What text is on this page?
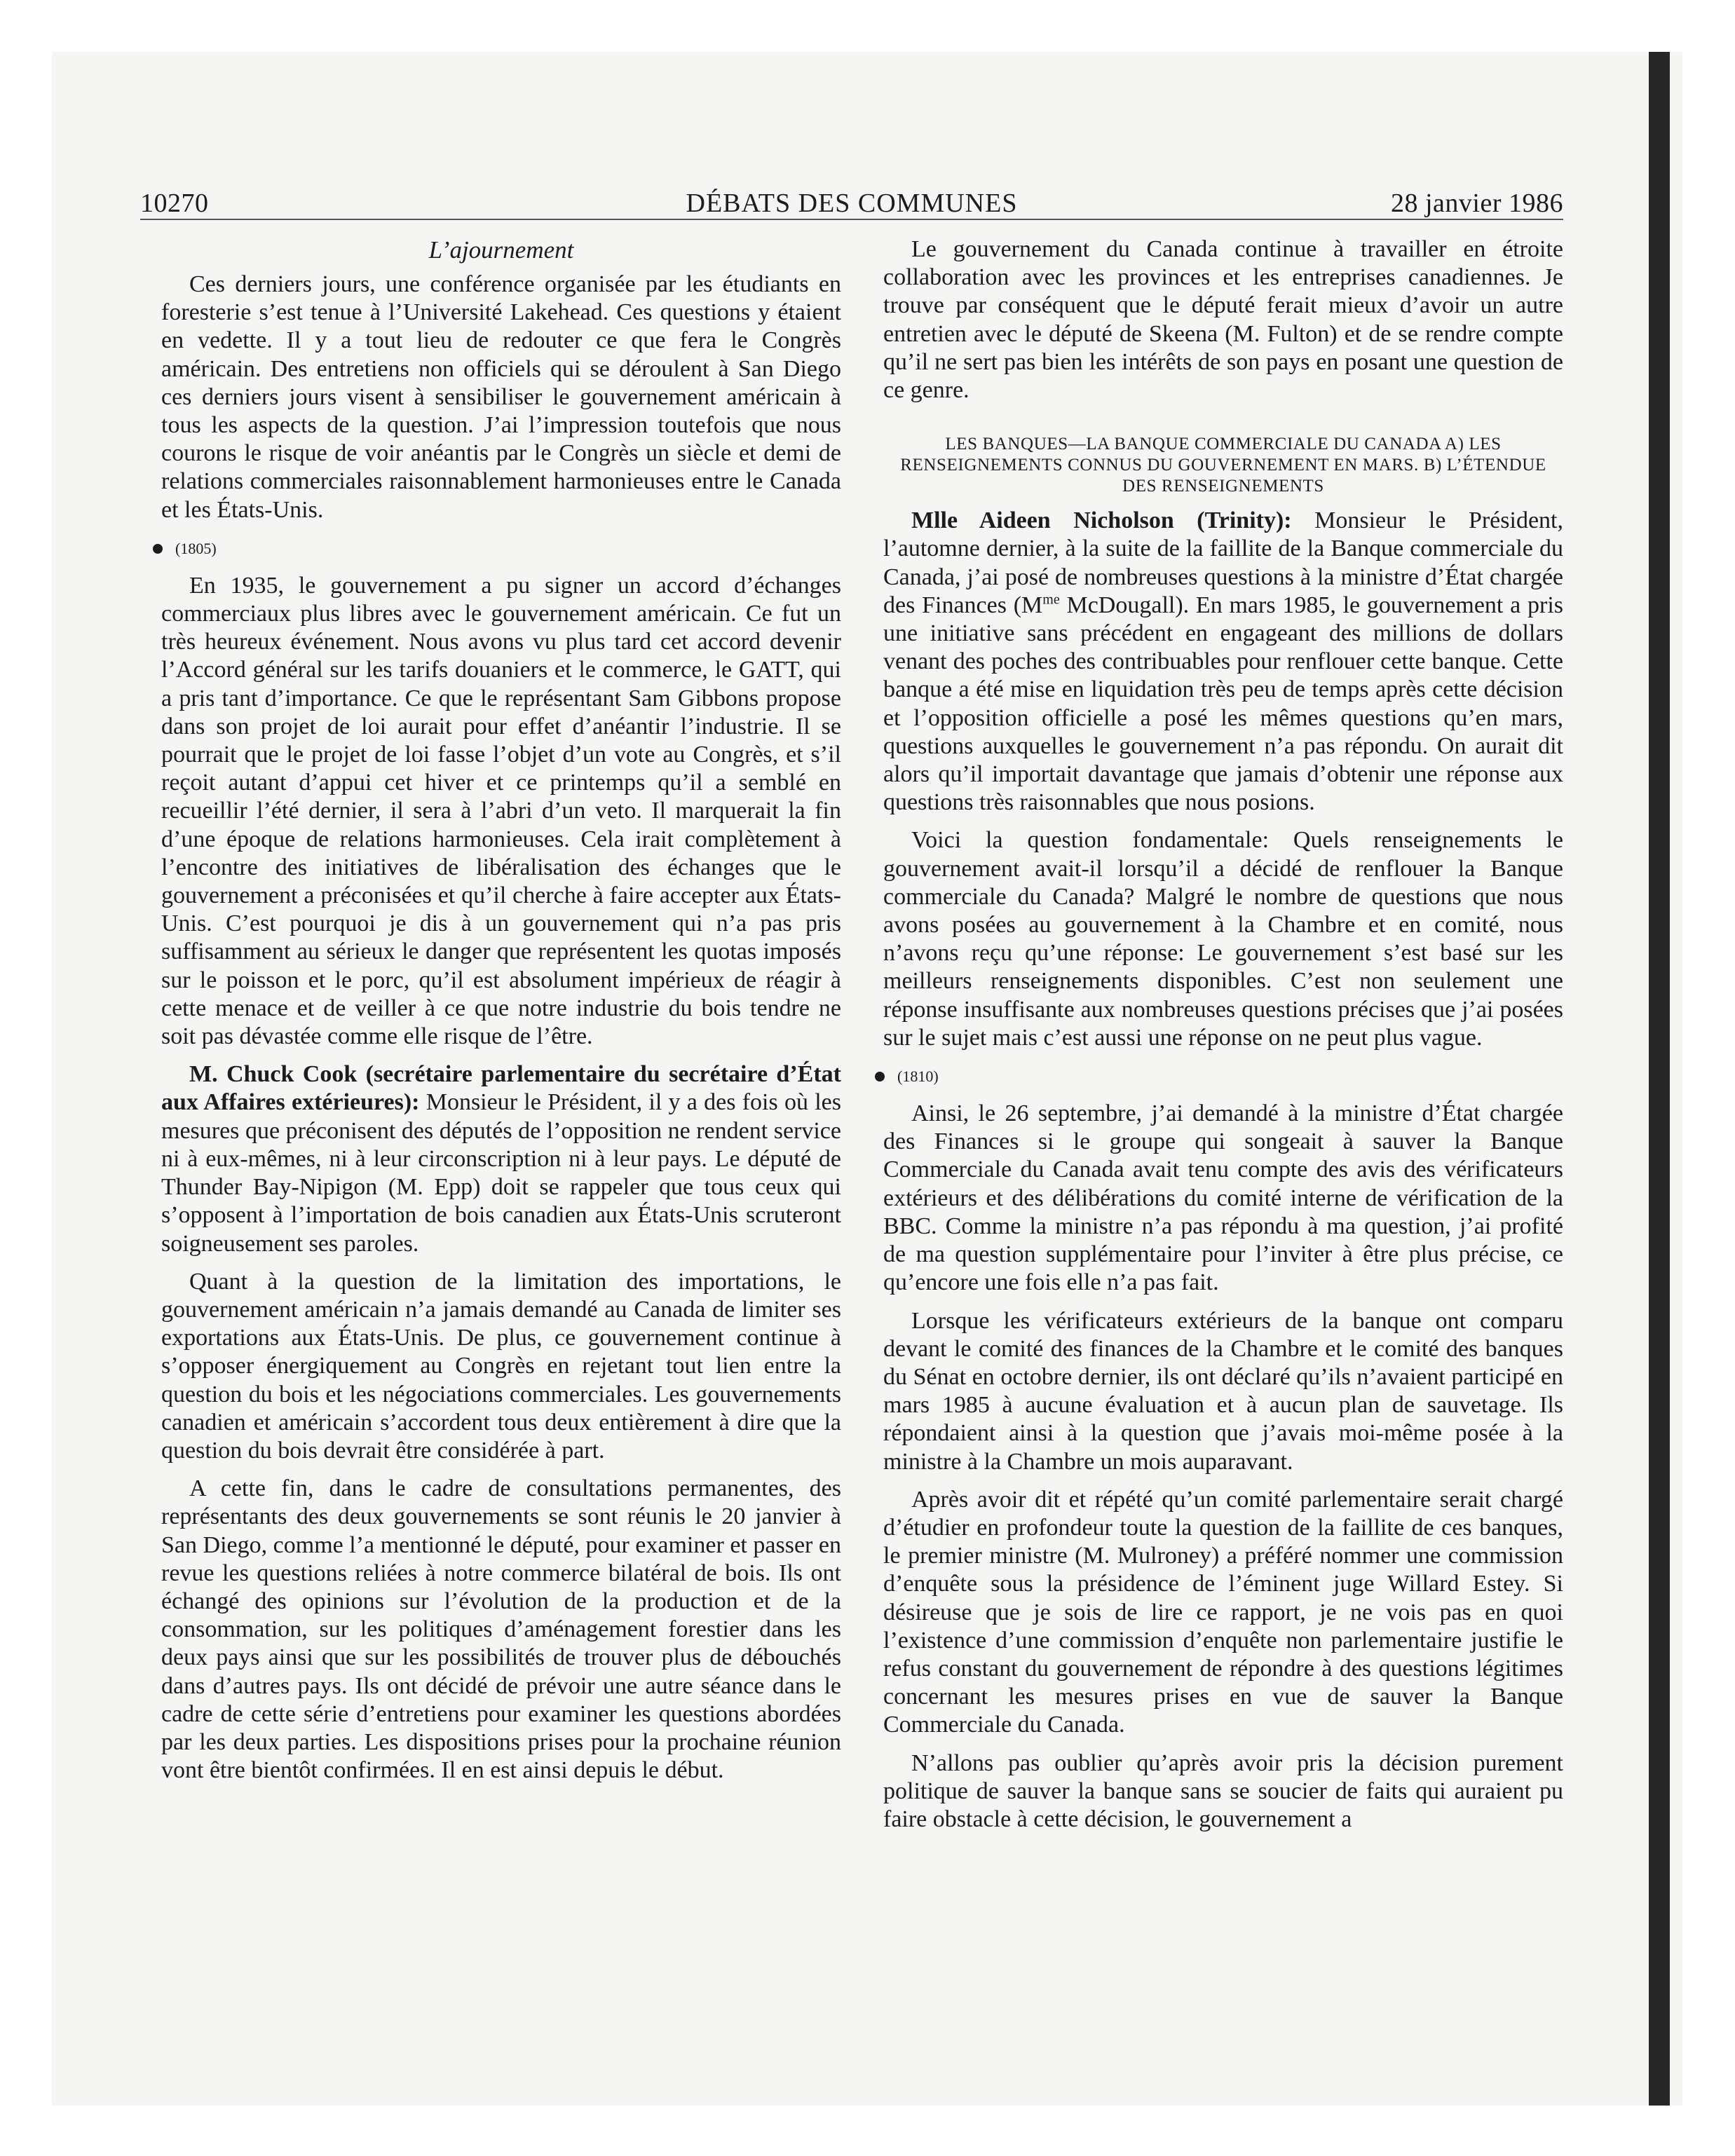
10270	DÉBATS DES COMMUNES	28 janvier 1986
L’ajournement

Ces derniers jours, une conférence organisée par les étudiants en foresterie s’est tenue à l’Université Lakehead. Ces questions y étaient en vedette. Il y a tout lieu de redouter ce que fera le Congrès américain. Des entretiens non officiels qui se déroulent à San Diego ces derniers jours visent à sensibiliser le gouvernement américain à tous les aspects de la question. J’ai l’impression toutefois que nous courons le risque de voir anéantis par le Congrès un siècle et demi de relations commerciales raisonnablement harmonieuses entre le Canada et les États-Unis.

(1805)

En 1935, le gouvernement a pu signer un accord d’échanges commerciaux plus libres avec le gouvernement américain. Ce fut un très heureux événement. Nous avons vu plus tard cet accord devenir l’Accord général sur les tarifs douaniers et le commerce, le GATT, qui a pris tant d’importance. Ce que le représentant Sam Gibbons propose dans son projet de loi aurait pour effet d’anéantir l’industrie. Il se pourrait que le projet de loi fasse l’objet d’un vote au Congrès, et s’il reçoit autant d’appui cet hiver et ce printemps qu’il a semblé en recueillir l’été dernier, il sera à l’abri d’un veto. Il marquerait la fin d’une époque de relations harmonieuses. Cela irait complètement à l’encontre des initiatives de libéralisation des échanges que le gouvernement a préconisées et qu’il cherche à faire accepter aux États-Unis. C’est pourquoi je dis à un gouvernement qui n’a pas pris suffisamment au sérieux le danger que représentent les quotas imposés sur le poisson et le porc, qu’il est absolument impérieux de réagir à cette menace et de veiller à ce que notre industrie du bois tendre ne soit pas dévastée comme elle risque de l’être.

M. Chuck Cook (secrétaire parlementaire du secrétaire d’État aux Affaires extérieures): Monsieur le Président, il y a des fois où les mesures que préconisent des députés de l’opposition ne rendent service ni à eux-mêmes, ni à leur circonscription ni à leur pays. Le député de Thunder Bay-Nipigon (M. Epp) doit se rappeler que tous ceux qui s’opposent à l’importation de bois canadien aux États-Unis scruteront soigneusement ses paroles.

Quant à la question de la limitation des importations, le gouvernement américain n’a jamais demandé au Canada de limiter ses exportations aux États-Unis. De plus, ce gouvernement continue à s’opposer énergiquement au Congrès en rejetant tout lien entre la question du bois et les négociations commerciales. Les gouvernements canadien et américain s’accordent tous deux entièrement à dire que la question du bois devrait être considérée à part.

A cette fin, dans le cadre de consultations permanentes, des représentants des deux gouvernements se sont réunis le 20 janvier à San Diego, comme l’a mentionné le député, pour examiner et passer en revue les questions reliées à notre commerce bilatéral de bois. Ils ont échangé des opinions sur l’évolution de la production et de la consommation, sur les politiques d’aménagement forestier dans les deux pays ainsi que sur les possibilités de trouver plus de débouchés dans d’autres pays. Ils ont décidé de prévoir une autre séance dans le cadre de cette série d’entretiens pour examiner les questions abordées par les deux parties. Les dispositions prises pour la prochaine réunion vont être bientôt confirmées. Il en est ainsi depuis le début.

Le gouvernement du Canada continue à travailler en étroite collaboration avec les provinces et les entreprises canadiennes. Je trouve par conséquent que le député ferait mieux d’avoir un autre entretien avec le député de Skeena (M. Fulton) et de se rendre compte qu’il ne sert pas bien les intérêts de son pays en posant une question de ce genre.

LES BANQUES—LA BANQUE COMMERCIALE DU CANADA A) LES RENSEIGNEMENTS CONNUS DU GOUVERNEMENT EN MARS. B) L’ÉTENDUE DES RENSEIGNEMENTS

Mlle Aideen Nicholson (Trinity): Monsieur le Président, l’automne dernier, à la suite de la faillite de la Banque commerciale du Canada, j’ai posé de nombreuses questions à la ministre d’État chargée des Finances ($M^{me}$ McDougall). En mars 1985, le gouvernement a pris une initiative sans précédent en engageant des millions de dollars venant des poches des contribuables pour renflouer cette banque. Cette banque a été mise en liquidation très peu de temps après cette décision et l’opposition officielle a posé les mêmes questions qu’en mars, questions auxquelles le gouvernement n’a pas répondu. On aurait dit alors qu’il importait davantage que jamais d’obtenir une réponse aux questions très raisonnables que nous posions.

Voici la question fondamentale: Quels renseignements le gouvernement avait-il lorsqu’il a décidé de renflouer la Banque commerciale du Canada? Malgré le nombre de questions que nous avons posées au gouvernement à la Chambre et en comité, nous n’avons reçu qu’une réponse: Le gouvernement s’est basé sur les meilleurs renseignements disponibles. C’est non seulement une réponse insuffisante aux nombreuses questions précises que j’ai posées sur le sujet mais c’est aussi une réponse on ne peut plus vague.

(1810)

Ainsi, le 26 septembre, j’ai demandé à la ministre d’État chargée des Finances si le groupe qui songeait à sauver la Banque Commerciale du Canada avait tenu compte des avis des vérificateurs extérieurs et des délibérations du comité interne de vérification de la BBC. Comme la ministre n’a pas répondu à ma question, j’ai profité de ma question supplémentaire pour l’inviter à être plus précise, ce qu’encore une fois elle n’a pas fait.

Lorsque les vérificateurs extérieurs de la banque ont comparu devant le comité des finances de la Chambre et le comité des banques du Sénat en octobre dernier, ils ont déclaré qu’ils n’avaient participé en mars 1985 à aucune évaluation et à aucun plan de sauvetage. Ils répondaient ainsi à la question que j’avais moi-même posée à la ministre à la Chambre un mois auparavant.

Après avoir dit et répété qu’un comité parlementaire serait chargé d’étudier en profondeur toute la question de la faillite de ces banques, le premier ministre (M. Mulroney) a préféré nommer une commission d’enquête sous la présidence de l’éminent juge Willard Estey. Si désireuse que je sois de lire ce rapport, je ne vois pas en quoi l’existence d’une commission d’enquête non parlementaire justifie le refus constant du gouvernement de répondre à des questions légitimes concernant les mesures prises en vue de sauver la Banque Commerciale du Canada.

N’allons pas oublier qu’après avoir pris la décision purement politique de sauver la banque sans se soucier de faits qui auraient pu faire obstacle à cette décision, le gouvernement a
